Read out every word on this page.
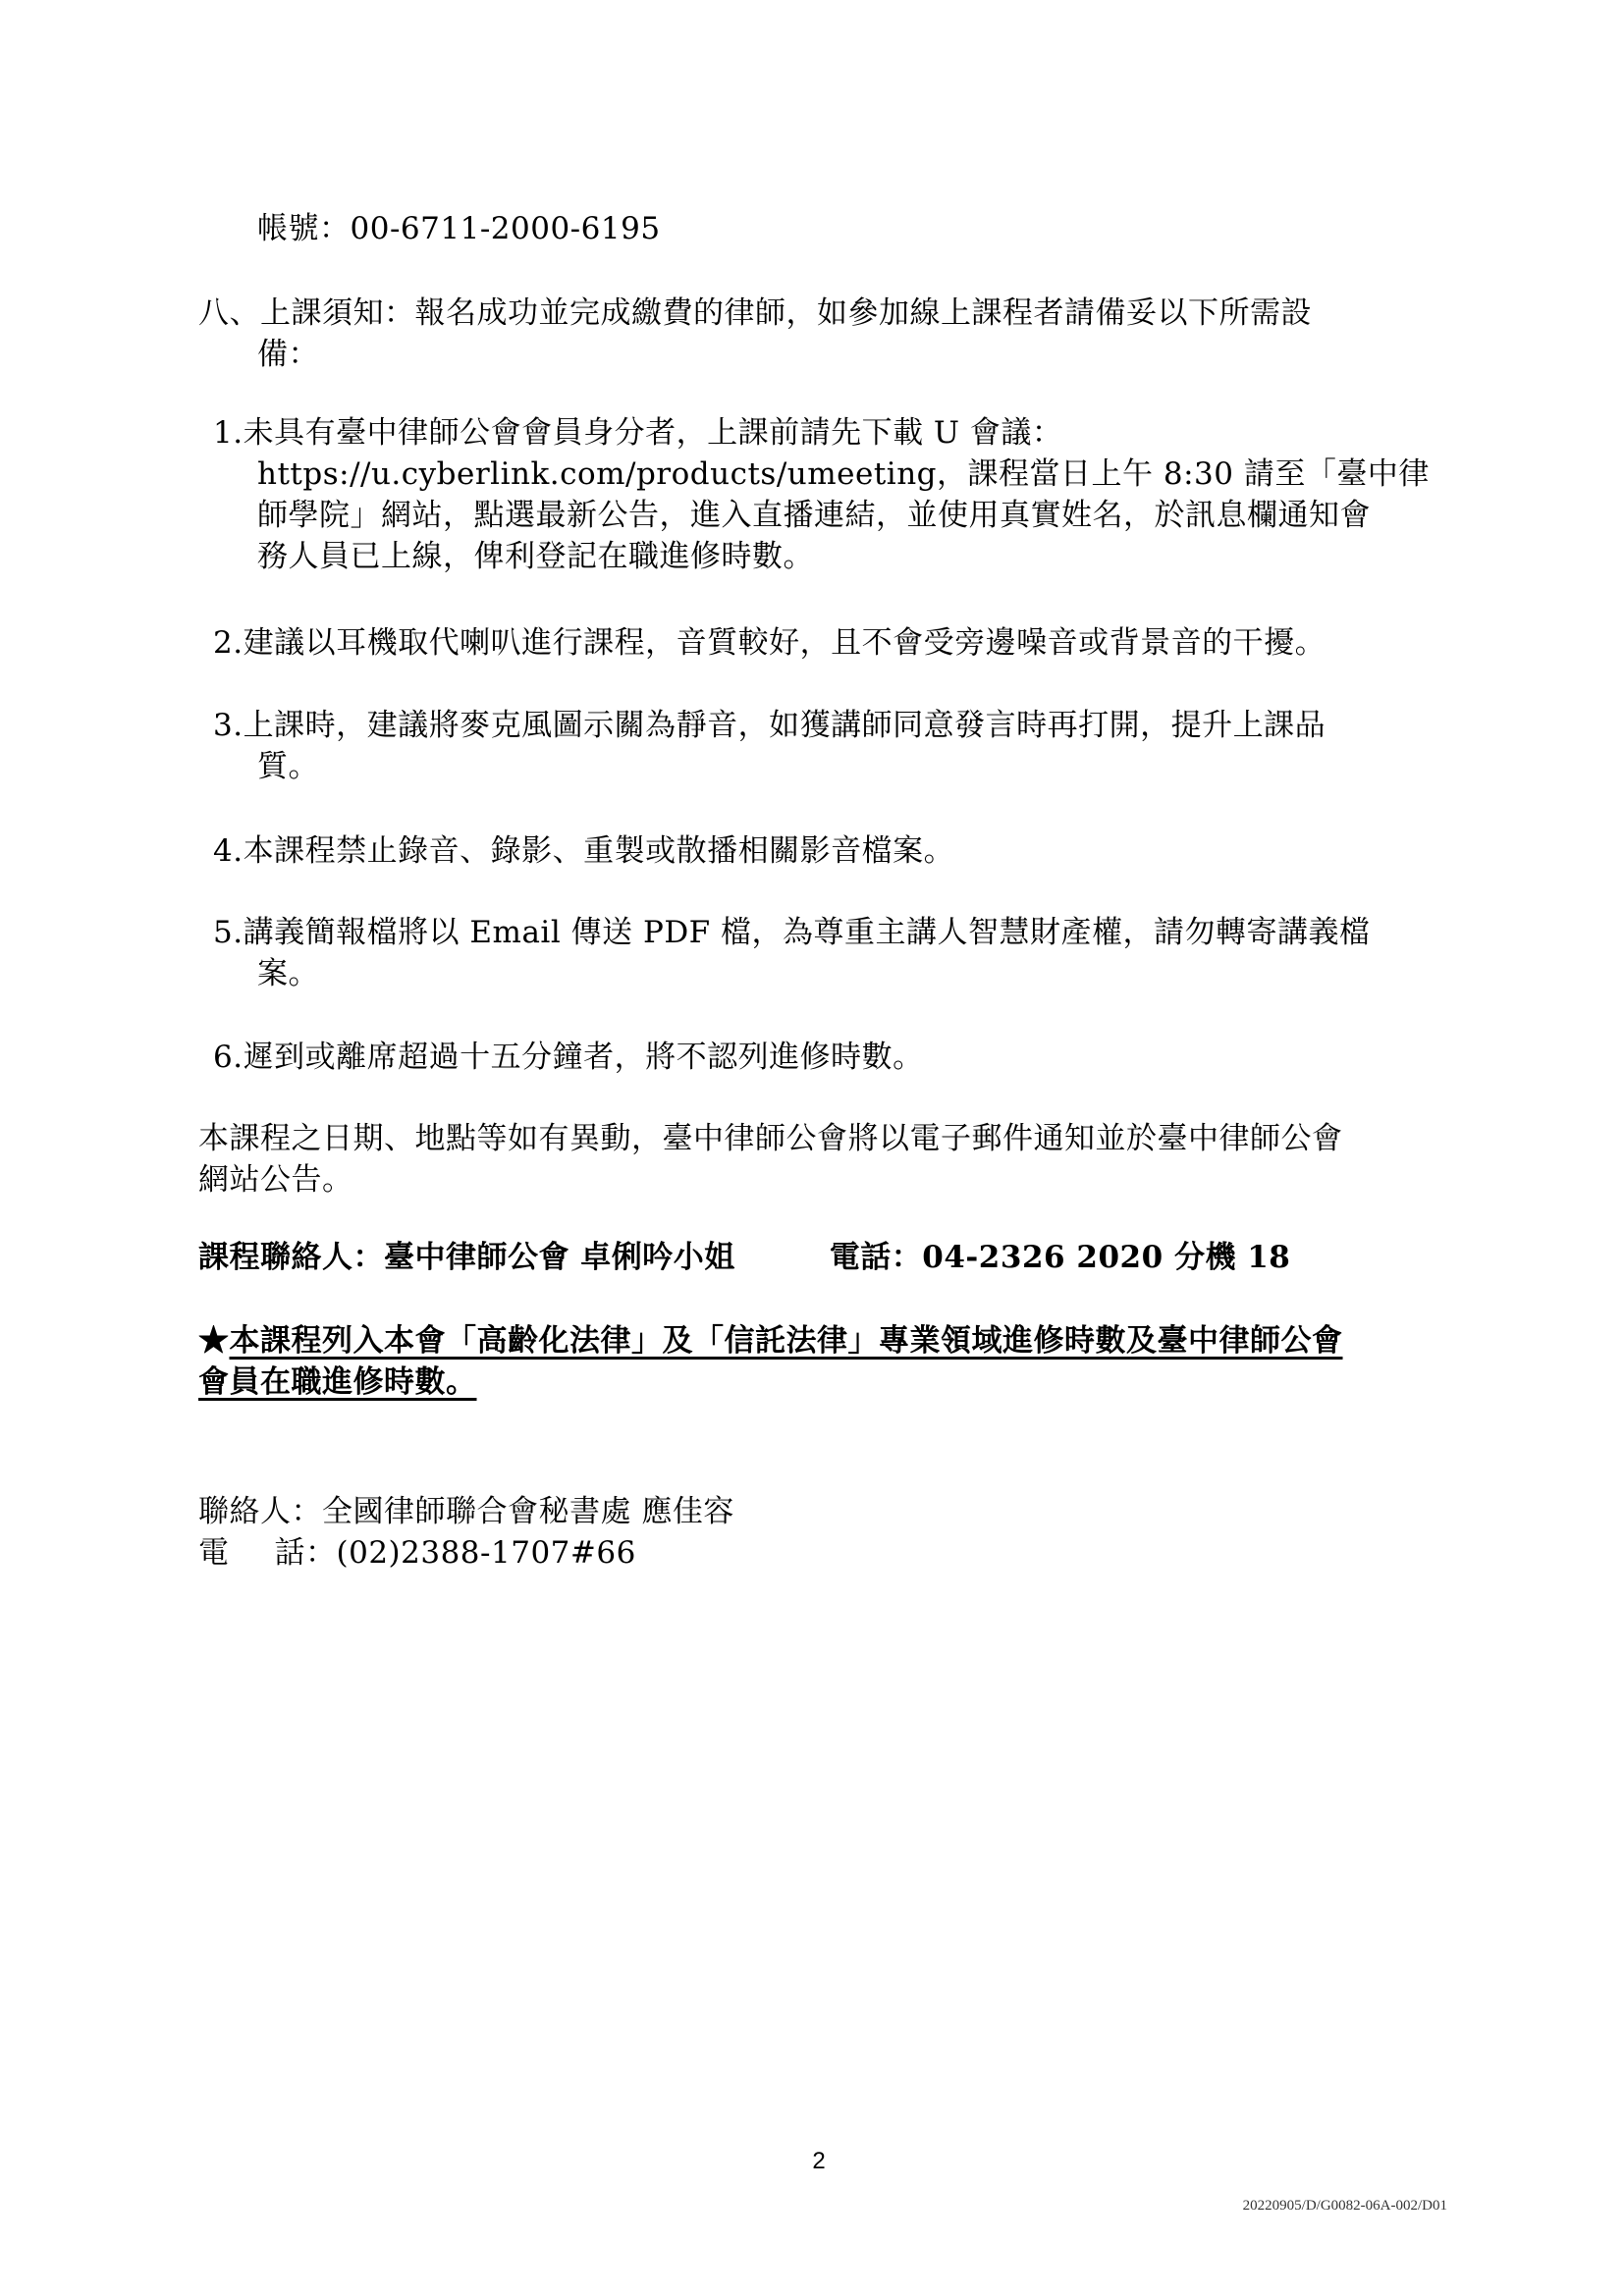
帳號：00-6711-2000-6195
八、上課須知：報名成功並完成繳費的律師，如參加線上課程者請備妥以下所需設
備：
1.未具有臺中律師公會會員身分者，上課前請先下載 U 會議：
https://u.cyberlink.com/products/umeeting，課程當日上午 8:30 請至「臺中律
師學院」網站，點選最新公告，進入直播連結，並使用真實姓名，於訊息欄通知會
務人員已上線，俾利登記在職進修時數。
2.建議以耳機取代喇叭進行課程，音質較好，且不會受旁邊噪音或背景音的干擾。
3.上課時，建議將麥克風圖示關為靜音，如獲講師同意發言時再打開，提升上課品
質。
4.本課程禁止錄音、錄影、重製或散播相關影音檔案。
5.講義簡報檔將以 Email 傳送 PDF 檔，為尊重主講人智慧財產權，請勿轉寄講義檔
案。
6.遲到或離席超過十五分鐘者，將不認列進修時數。
本課程之日期、地點等如有異動，臺中律師公會將以電子郵件通知並於臺中律師公會
網站公告。
課程聯絡人：臺中律師公會 卓俐吟小姐	電話：04-2326 2020 分機 18
★本課程列入本會「高齡化法律」及「信託法律」專業領域進修時數及臺中律師公會
會員在職進修時數。
聯絡人：全國律師聯合會秘書處 應佳容
電 話：(02)2388-1707#66
2
20220905/D/G0082-06A-002/D01
